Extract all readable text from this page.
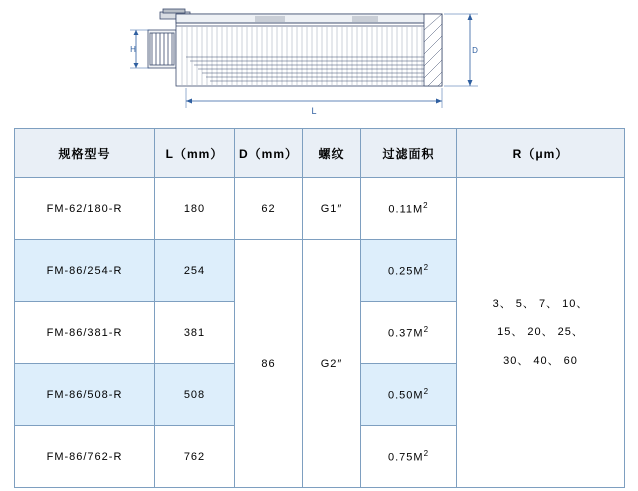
H	D
L
规格型号	L（mm）	D（mm）	螺纹	过滤面积	R（μm）
FM-62/180-R	180	62	G1″	$0.11M^2$	3、 5、 7、 10、
15、 20、 25、
30、 40、 60

FM-86/254-R	254	86	G2″	$0.25M^2$
FM-86/381-R	381			$0.37M^2$
FM-86/508-R	508			$0.50M^2$
FM-86/762-R	762			$0.75M^2$
